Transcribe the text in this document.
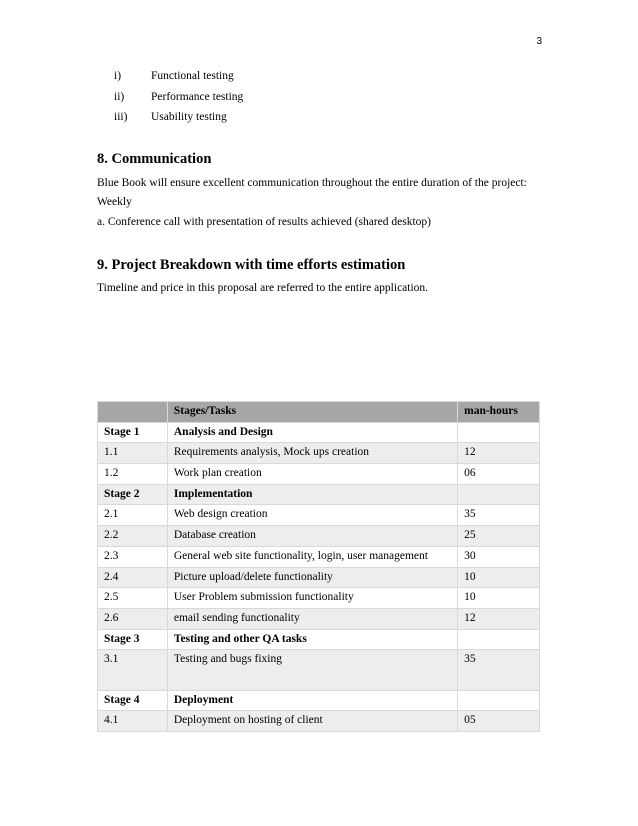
3
i)	Functional testing
ii) Performance testing
iii) Usability testing
8. Communication

Blue Book will ensure excellent communication throughout the entire duration of the project:

Weekly

a. Conference call with presentation of results achieved (shared desktop)

9. Project Breakdown with time efforts estimation

Timeline and price in this proposal are referred to the entire application.

	Stages/Tasks	man-hours
Stage 1	Analysis and Design	
1.1	Requirements analysis, Mock ups creation	12
1.2	Work plan creation	06
Stage 2	Implementation	
2.1	Web design creation	35
2.2	Database creation	25
2.3	General web site functionality, login, user management	30
2.4	Picture upload/delete functionality	10
2.5	User Problem submission functionality	10
2.6	email sending functionality	12
Stage 3	Testing and other QA tasks	
3.1	Testing and bugs fixing	35
Stage 4	Deployment	
4.1	Deployment on hosting of client	05
